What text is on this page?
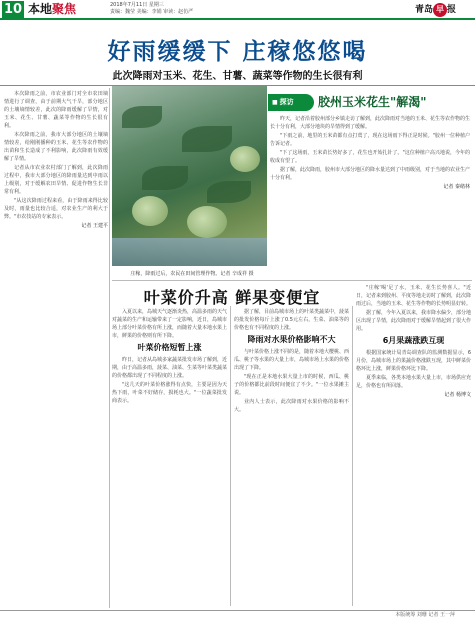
10 本地聚焦	2018年7月11日 星期三
责编：魏莹 美编：李娟 审读：赵仿严	青岛 早 报
好雨缓缓下 庄稼悠悠喝
此次降雨对玉米、花生、甘薯、蔬菜等作物的生长很有利

本次降雨之前，市农业部门对全市农田墒情进行了调查，由于前期大气干旱，部分地区的土壤墒情较差，此次的降雨缓解了旱情，对玉米、花生、甘薯、蔬菜等作物的生长很有利。

本次降雨之前，我市大部分地区的土壤墒情较差，给刚刚播种的玉米、花生等农作物的出苗和生长造成了不利影响，此次降雨有效缓解了旱情。

记者从市农业农村部门了解到，此次降雨过程中，我市大部分地区的降雨量达到中雨以上级别，对于缓解农田旱情、促进作物生长非常有利。

"从这次降雨过程来看，由于降雨来得比较及时，雨量也比较合适，对农业生产的利大于弊。"市农技站的专家表示。

记者 王建平
庄稼，降雨过后，农民在田间管理作物。记者 辛成祥 摄
■ 探访	胶州玉米花生"解渴"

昨天，记者沿着胶州部分乡镇走访了解到，此次降雨对当地的玉米、花生等农作物的生长十分有利，大部分地块的旱情得到了缓解。

"下雨之前，地里的玉米苗都有点打蔫了，现在这场雨下得正是时候。"胶州一位种植户告诉记者。

"下了这场雨，玉米苗长势好多了，花生也开始扎针了。"这位种植户高兴地说，今年的收成有望了。

据了解，此次降雨，胶州市大部分地区的降水量达到了中雨级别，对于当地的农业生产十分有利。

记者 秦绪林
叶菜价升高 鲜果变便宜

入夏以来，岛城天气逐渐炎热，高温多雨的天气对蔬菜的生产和运输带来了一定影响，近日，岛城市场上部分叶菜价格有所上涨，而随着大量本地水果上市，鲜果的价格则有所下降。

叶菜价格短暂上涨

昨日，记者从岛城多家蔬菜批发市场了解到，近期，由于高温多雨，菠菜、油菜、生菜等叶菜类蔬菜的价格都出现了不同程度的上涨。

"这几天的叶菜价格涨得有点快，主要是因为天热下雨，叶菜不好储存，损耗也大。"一位蔬菜批发商表示。

据了解，目前岛城市场上的叶菜类蔬菜中，菠菜的批发价格每斤上涨了0.5元左右，生菜、油菜等的价格也有不同程度的上涨。

降雨对水果价格影响不大

与叶菜价格上涨不同的是，随着本地大樱桃、西瓜、桃子等水果的大量上市，岛城市场上水果的价格出现了下降。

"现在正是本地水果大量上市的时候，西瓜、桃子的价格都比前段时间便宜了不少。"一位水果摊主说。

业内人士表示，此次降雨对水果价格的影响不大。

"庄稼'喝'足了水，玉米、花生长势喜人。"近日，记者来到胶州、平度等地走访时了解到，此次降雨过后，当地的玉米、花生等作物的长势明显好转。

据了解，今年入夏以来，我市降水偏少，部分地区出现了旱情，此次降雨对于缓解旱情起到了很大作用。

6月果蔬涨跌互现

根据国家统计局青岛调查队的监测数据显示，6月份，岛城市场上的果蔬价格涨跌互现，其中鲜菜价格环比上涨，鲜果价格环比下降。

夏季来临，各类本地水果大量上市，市场供应充足，价格也有所回落。

记者 杨博文
本版统筹 刘珊 记者 王一萍
